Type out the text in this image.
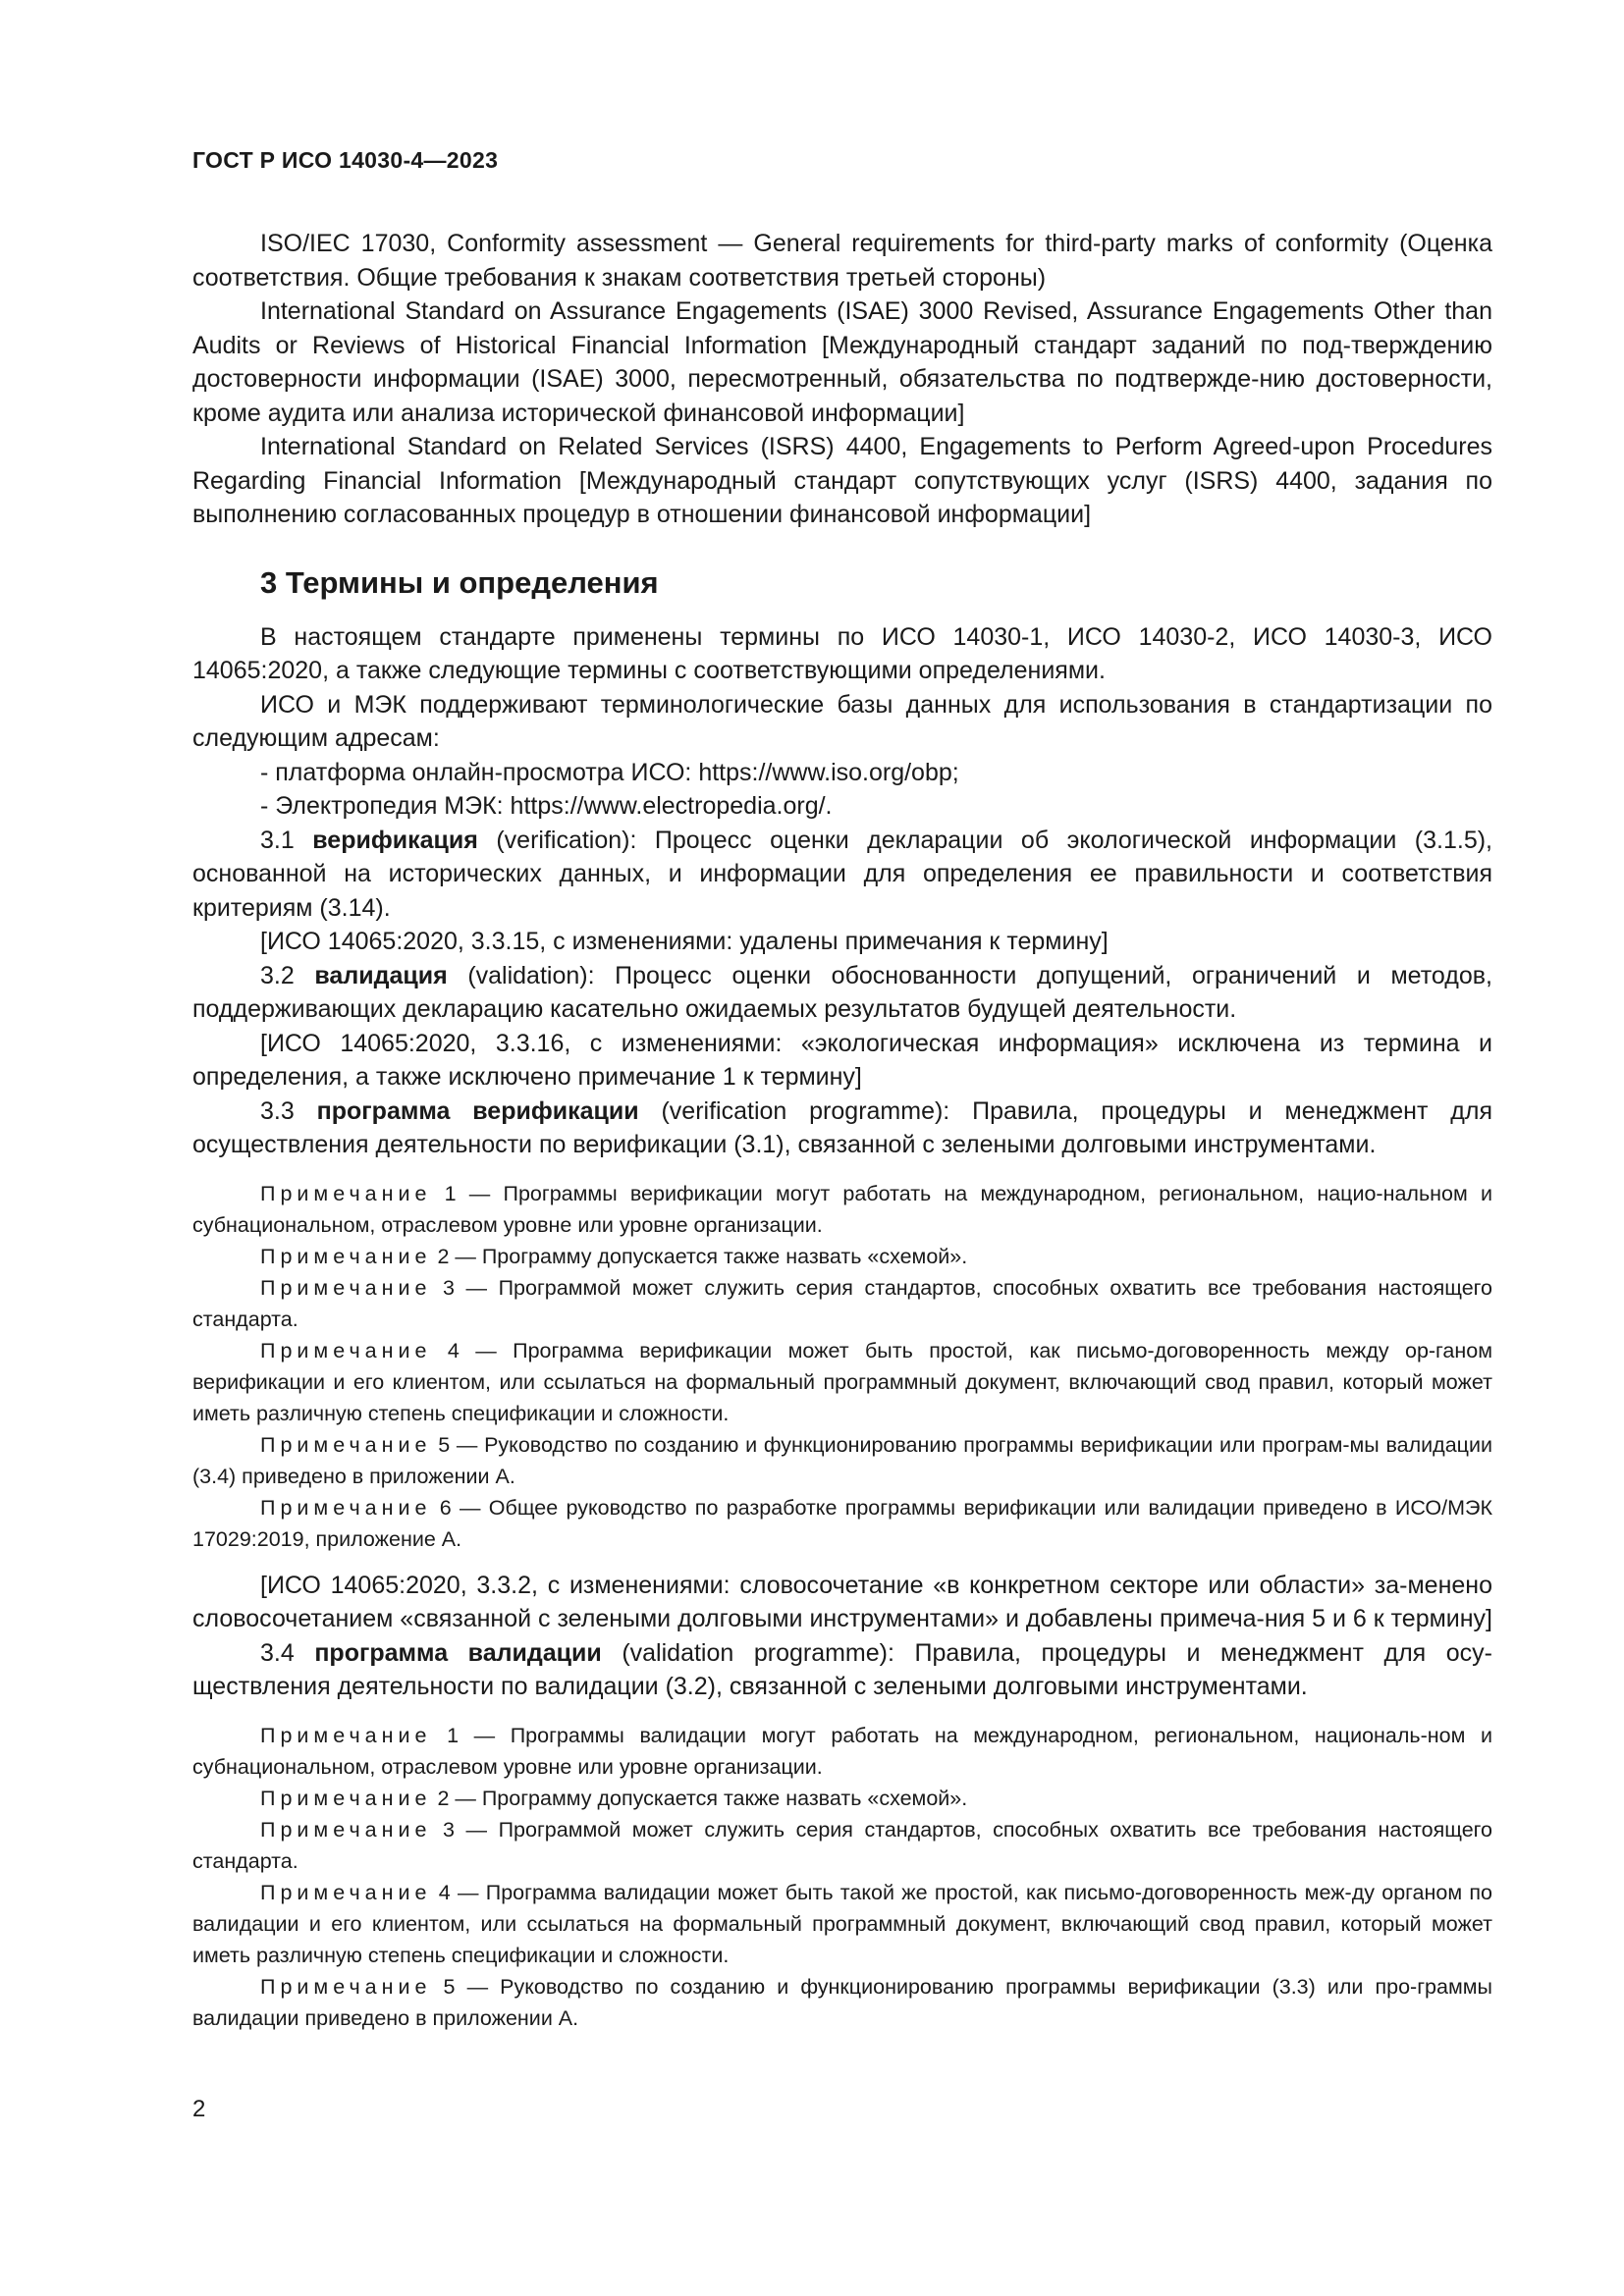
ГОСТ Р ИСО 14030-4—2023

ISO/IEC 17030, Conformity assessment — General requirements for third-party marks of conformity (Оценка соответствия. Общие требования к знакам соответствия третьей стороны)

International Standard on Assurance Engagements (ISAE) 3000 Revised, Assurance Engagements Other than Audits or Reviews of Historical Financial Information [Международный стандарт заданий по под-тверждению достоверности информации (ISAE) 3000, пересмотренный, обязательства по подтвержде-нию достоверности, кроме аудита или анализа исторической финансовой информации]

International Standard on Related Services (ISRS) 4400, Engagements to Perform Agreed-upon Procedures Regarding Financial Information [Международный стандарт сопутствующих услуг (ISRS) 4400, задания по выполнению согласованных процедур в отношении финансовой информации]

3 Термины и определения

В настоящем стандарте применены термины по ИСО 14030-1, ИСО 14030-2, ИСО 14030-3, ИСО 14065:2020, а также следующие термины с соответствующими определениями.

ИСО и МЭК поддерживают терминологические базы данных для использования в стандартизации по следующим адресам:

- платформа онлайн-просмотра ИСО: https://www.iso.org/obp;

- Электропедия МЭК: https://www.electropedia.org/.

3.1 верификация (verification): Процесс оценки декларации об экологической информации (3.1.5), основанной на исторических данных, и информации для определения ее правильности и соответствия критериям (3.14).

[ИСО 14065:2020, 3.3.15, с изменениями: удалены примечания к термину]

3.2 валидация (validation): Процесс оценки обоснованности допущений, ограничений и методов, поддерживающих декларацию касательно ожидаемых результатов будущей деятельности.

[ИСО 14065:2020, 3.3.16, с изменениями: «экологическая информация» исключена из термина и определения, а также исключено примечание 1 к термину]

3.3 программа верификации (verification programme): Правила, процедуры и менеджмент для осуществления деятельности по верификации (3.1), связанной с зелеными долговыми инструментами.

Примечание 1 — Программы верификации могут работать на международном, региональном, нацио-нальном и субнациональном, отраслевом уровне или уровне организации.

Примечание 2 — Программу допускается также назвать «схемой».

Примечание 3 — Программой может служить серия стандартов, способных охватить все требования настоящего стандарта.

Примечание 4 — Программа верификации может быть простой, как письмо-договоренность между ор-ганом верификации и его клиентом, или ссылаться на формальный программный документ, включающий свод правил, который может иметь различную степень спецификации и сложности.

Примечание 5 — Руководство по созданию и функционированию программы верификации или програм-мы валидации (3.4) приведено в приложении А.

Примечание 6 — Общее руководство по разработке программы верификации или валидации приведено в ИСО/МЭК 17029:2019, приложение А.

[ИСО 14065:2020, 3.3.2, с изменениями: словосочетание «в конкретном секторе или области» за-менено словосочетанием «связанной с зелеными долговыми инструментами» и добавлены примеча-ния 5 и 6 к термину]

3.4 программа валидации (validation programme): Правила, процедуры и менеджмент для осу-ществления деятельности по валидации (3.2), связанной с зелеными долговыми инструментами.

Примечание 1 — Программы валидации могут работать на международном, региональном, националь-ном и субнациональном, отраслевом уровне или уровне организации.

Примечание 2 — Программу допускается также назвать «схемой».

Примечание 3 — Программой может служить серия стандартов, способных охватить все требования настоящего стандарта.

Примечание 4 — Программа валидации может быть такой же простой, как письмо-договоренность меж-ду органом по валидации и его клиентом, или ссылаться на формальный программный документ, включающий свод правил, который может иметь различную степень спецификации и сложности.

Примечание 5 — Руководство по созданию и функционированию программы верификации (3.3) или про-граммы валидации приведено в приложении А.

2
